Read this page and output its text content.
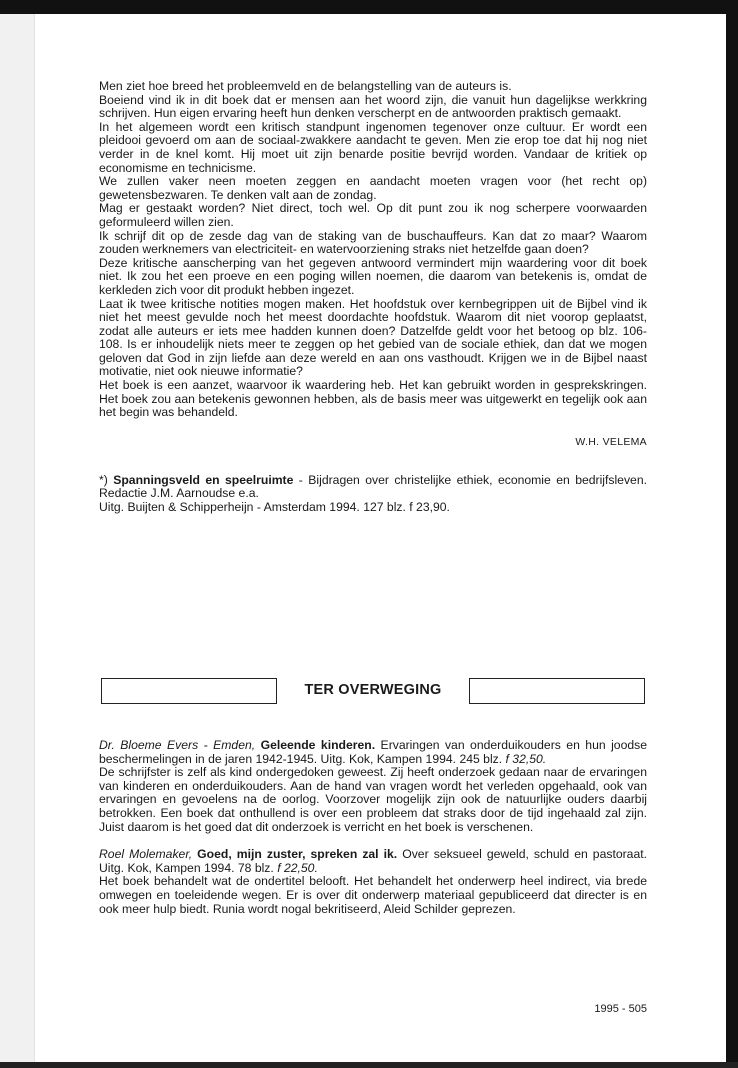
Men ziet hoe breed het probleemveld en de belangstelling van de auteurs is.

Boeiend vind ik in dit boek dat er mensen aan het woord zijn, die vanuit hun dagelijkse werkkring schrijven. Hun eigen ervaring heeft hun denken verscherpt en de antwoorden praktisch gemaakt.

In het algemeen wordt een kritisch standpunt ingenomen tegenover onze cultuur. Er wordt een pleidooi gevoerd om aan de sociaal-zwakkere aandacht te geven. Men zie erop toe dat hij nog niet verder in de knel komt. Hij moet uit zijn benarde positie bevrijd worden. Vandaar de kritiek op economisme en technicisme.

We zullen vaker neen moeten zeggen en aandacht moeten vragen voor (het recht op) gewetensbezwaren. Te denken valt aan de zondag.

Mag er gestaakt worden? Niet direct, toch wel. Op dit punt zou ik nog scherpere voorwaarden geformuleerd willen zien.

Ik schrijf dit op de zesde dag van de staking van de buschauffeurs. Kan dat zo maar? Waarom zouden werknemers van electriciteit- en watervoorziening straks niet hetzelfde gaan doen?

Deze kritische aanscherping van het gegeven antwoord vermindert mijn waardering voor dit boek niet. Ik zou het een proeve en een poging willen noemen, die daarom van betekenis is, omdat de kerkleden zich voor dit produkt hebben ingezet.

Laat ik twee kritische notities mogen maken. Het hoofdstuk over kernbegrippen uit de Bijbel vind ik niet het meest gevulde noch het meest doordachte hoofdstuk. Waarom dit niet voorop geplaatst, zodat alle auteurs er iets mee hadden kunnen doen? Datzelfde geldt voor het betoog op blz. 106-108. Is er inhoudelijk niets meer te zeggen op het gebied van de sociale ethiek, dan dat we mogen geloven dat God in zijn liefde aan deze wereld en aan ons vasthoudt. Krijgen we in de Bijbel naast motivatie, niet ook nieuwe informatie?

Het boek is een aanzet, waarvoor ik waardering heb. Het kan gebruikt worden in gesprekskringen. Het boek zou aan betekenis gewonnen hebben, als de basis meer was uitgewerkt en tegelijk ook aan het begin was behandeld.

W.H. VELEMA

*) Spanningsveld en speelruimte - Bijdragen over christelijke ethiek, economie en bedrijfsleven. Redactie J.M. Aarnoudse e.a.

Uitg. Buijten & Schipperheijn - Amsterdam 1994. 127 blz. f 23,90.

TER OVERWEGING

Dr. Bloeme Evers - Emden, Geleende kinderen. Ervaringen van onderduikouders en hun joodse beschermelingen in de jaren 1942-1945. Uitg. Kok, Kampen 1994. 245 blz. f 32,50.

De schrijfster is zelf als kind ondergedoken geweest. Zij heeft onderzoek gedaan naar de ervaringen van kinderen en onderduikouders. Aan de hand van vragen wordt het verleden opgehaald, ook van ervaringen en gevoelens na de oorlog. Voorzover mogelijk zijn ook de natuurlijke ouders daarbij betrokken. Een boek dat onthullend is over een probleem dat straks door de tijd ingehaald zal zijn. Juist daarom is het goed dat dit onderzoek is verricht en het boek is verschenen.

Roel Molemaker, Goed, mijn zuster, spreken zal ik. Over seksueel geweld, schuld en pastoraat. Uitg. Kok, Kampen 1994. 78 blz. f 22,50.

Het boek behandelt wat de ondertitel belooft. Het behandelt het onderwerp heel indirect, via brede omwegen en toeleidende wegen. Er is over dit onderwerp materiaal gepubliceerd dat directer is en ook meer hulp biedt. Runia wordt nogal bekritiseerd, Aleid Schilder geprezen.

1995 - 505
